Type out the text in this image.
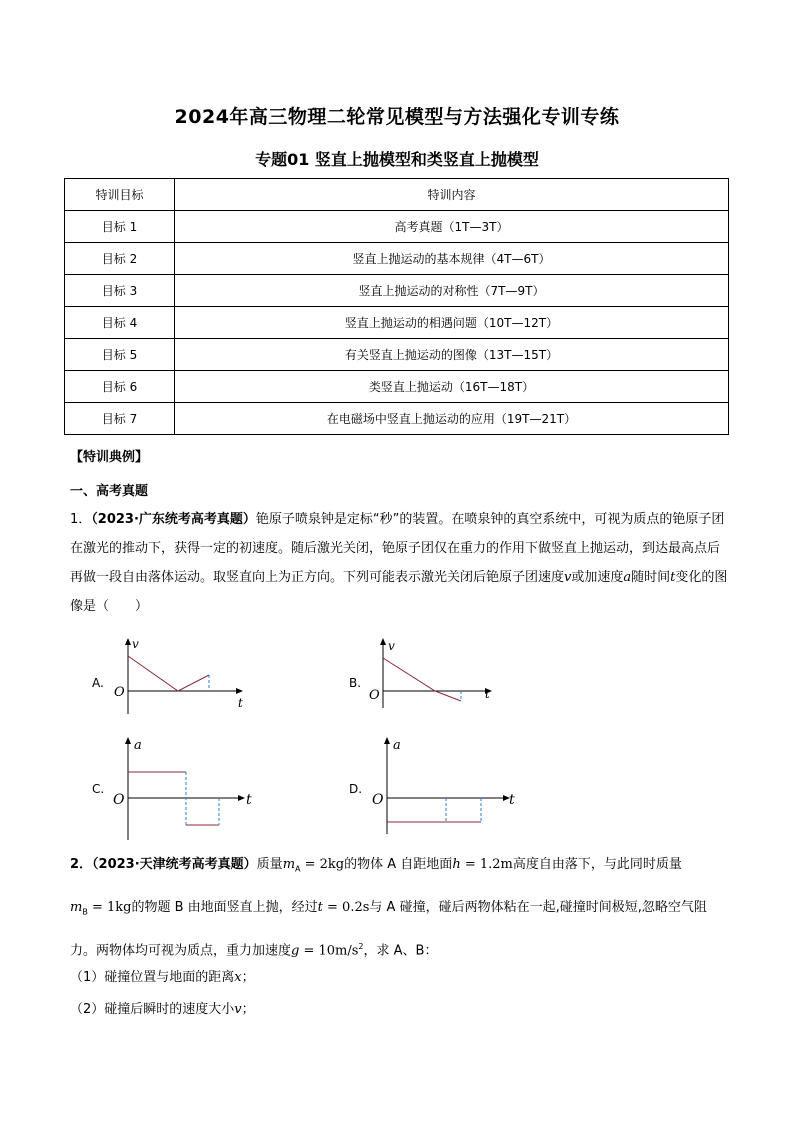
2024年高三物理二轮常见模型与方法强化专训专练
专题01 竖直上抛模型和类竖直上抛模型
特训目标	特训内容
目标 1	高考真题（1T—3T）
目标 2	竖直上抛运动的基本规律（4T—6T）
目标 3	竖直上抛运动的对称性（7T—9T）
目标 4	竖直上抛运动的相遇问题（10T—12T）
目标 5	有关竖直上抛运动的图像（13T—15T）
目标 6	类竖直上抛运动（16T—18T）
目标 7	在电磁场中竖直上抛运动的应用（19T—21T）
【特训典例】
一、高考真题
1．（2023·广东统考高考真题）铯原子喷泉钟是定标“秒”的装置。在喷泉钟的真空系统中，可视为质点的铯原子团在激光的推动下，获得一定的初速度。随后激光关闭，铯原子团仅在重力的作用下做竖直上抛运动，到达最高点后再做一段自由落体运动。取竖直向上为正方向。下列可能表示激光关闭后铯原子团速度v或加速度a随时间t变化的图像是（　　）
A.
v
t
O
B.
v
t
O
C.
a
t
O
D.
a
t
O
2．（2023·天津统考高考真题）质量$m_A = 2kg$的物体 A 自距地面h = 1.2m高度自由落下，与此同时质量
$m_B = 1kg$的物题 B 由地面竖直上抛，经过t = 0.2s与 A 碰撞，碰后两物体粘在一起,碰撞时间极短,忽略空气阻
力。两物体均可视为质点，重力加速度$g = 10m/s^2$，求 A、B：
（1）碰撞位置与地面的距离x；
（2）碰撞后瞬时的速度大小v；
